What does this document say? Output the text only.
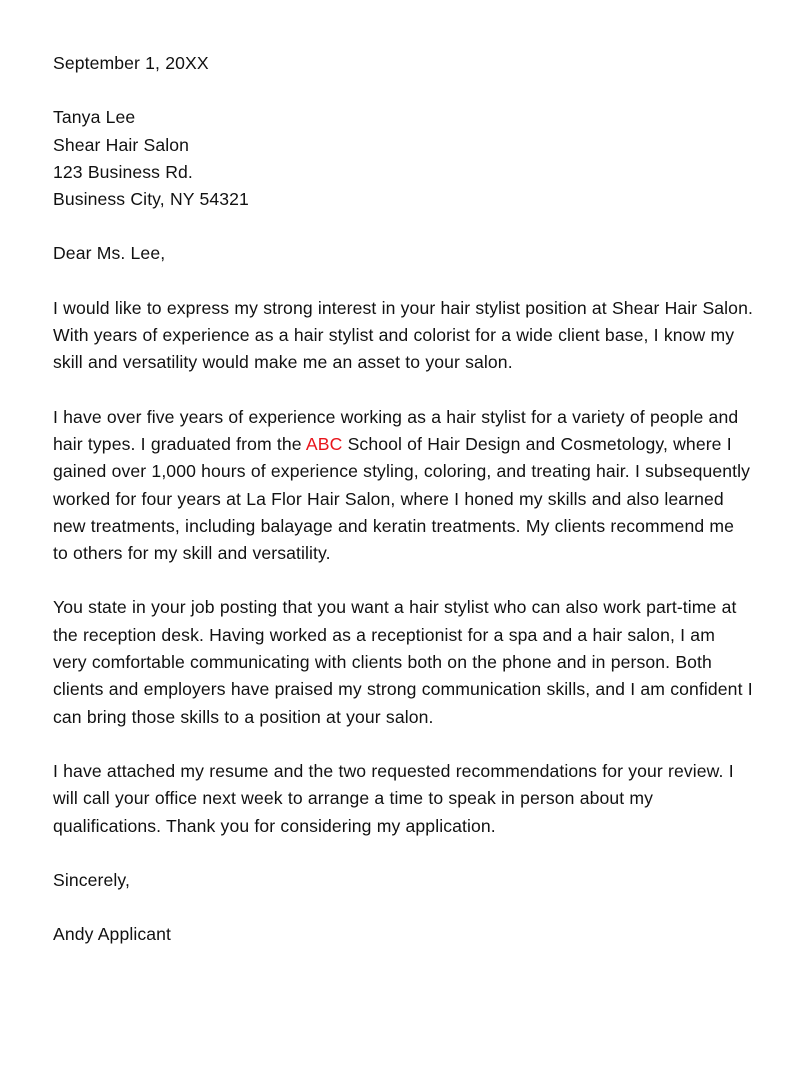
September 1, 20XX

Tanya Lee

Shear Hair Salon

123 Business Rd.

Business City, NY 54321

Dear Ms. Lee,

I would like to express my strong interest in your hair stylist position at Shear Hair Salon. With years of experience as a hair stylist and colorist for a wide client base, I know my skill and versatility would make me an asset to your salon.

I have over five years of experience working as a hair stylist for a variety of people and hair types. I graduated from the ABC School of Hair Design and Cosmetology, where I gained over 1,000 hours of experience styling, coloring, and treating hair. I subsequently worked for four years at La Flor Hair Salon, where I honed my skills and also learned new treatments, including balayage and keratin treatments. My clients recommend me to others for my skill and versatility.

You state in your job posting that you want a hair stylist who can also work part-time at the reception desk. Having worked as a receptionist for a spa and a hair salon, I am very comfortable communicating with clients both on the phone and in person. Both clients and employers have praised my strong communication skills, and I am confident I can bring those skills to a position at your salon.

I have attached my resume and the two requested recommendations for your review. I will call your office next week to arrange a time to speak in person about my qualifications. Thank you for considering my application.

Sincerely,

Andy Applicant
